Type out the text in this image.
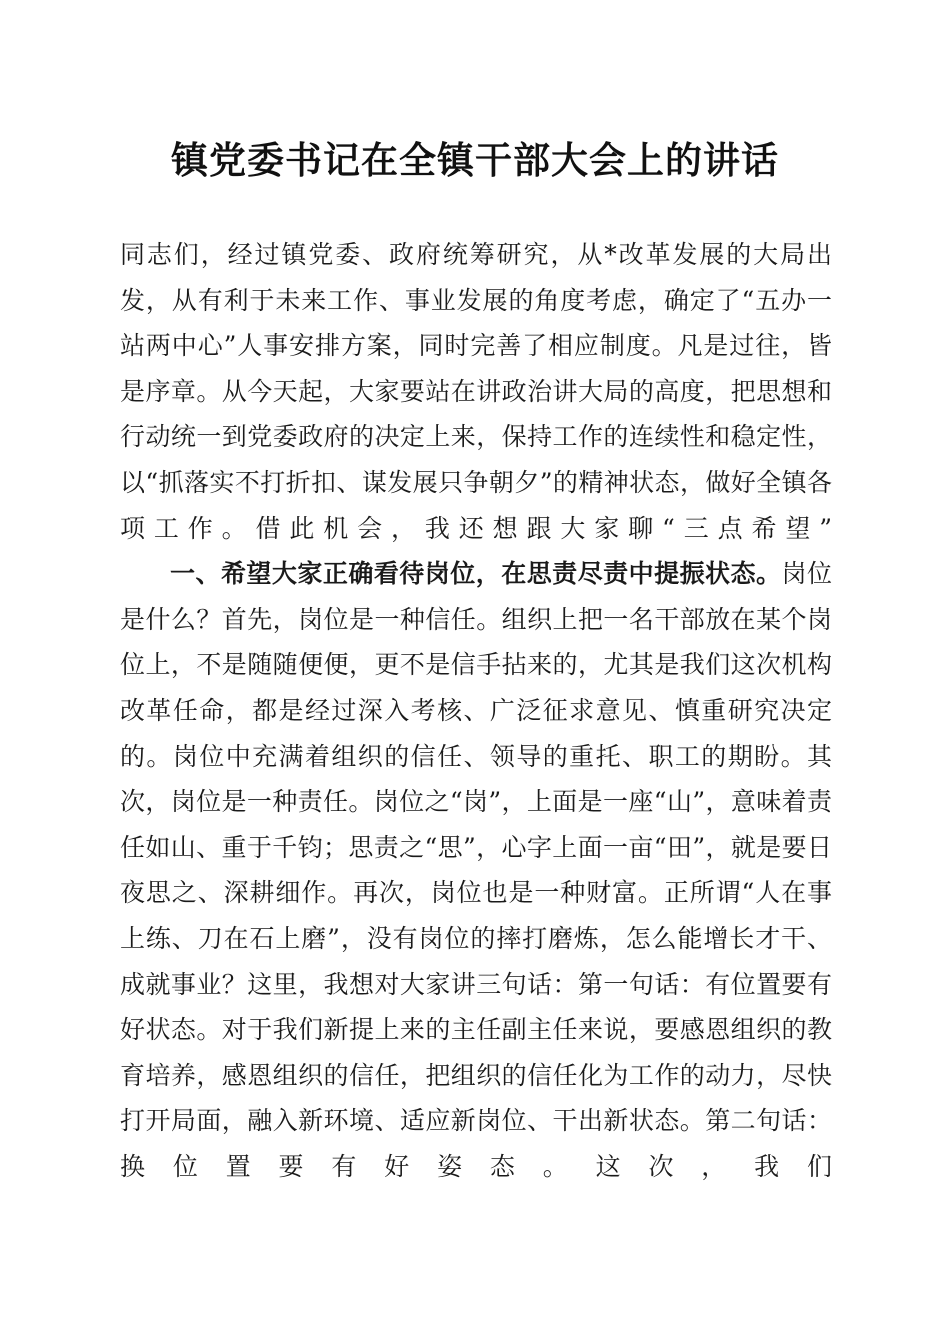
镇党委书记在全镇干部大会上的讲话

同志们，经过镇党委、政府统筹研究，从*改革发展的大局出发，从有利于未来工作、事业发展的角度考虑，确定了“五办一站两中心”人事安排方案，同时完善了相应制度。凡是过往，皆是序章。从今天起，大家要站在讲政治讲大局的高度，把思想和行动统一到党委政府的决定上来，保持工作的连续性和稳定性，以“抓落实不打折扣、谋发展只争朝夕”的精神状态，做好全镇各项工作。借此机会，我还想跟大家聊“三点希望”

一、希望大家正确看待岗位，在思责尽责中提振状态。岗位是什么？首先，岗位是一种信任。组织上把一名干部放在某个岗位上，不是随随便便，更不是信手拈来的，尤其是我们这次机构改革任命，都是经过深入考核、广泛征求意见、慎重研究决定的。岗位中充满着组织的信任、领导的重托、职工的期盼。其次，岗位是一种责任。岗位之“岗”，上面是一座“山”，意味着责任如山、重于千钧；思责之“思”，心字上面一亩“田”，就是要日夜思之、深耕细作。再次，岗位也是一种财富。正所谓“人在事上练、刀在石上磨”，没有岗位的摔打磨炼，怎么能增长才干、成就事业？这里，我想对大家讲三句话：第一句话：有位置要有好状态。对于我们新提上来的主任副主任来说，要感恩组织的教育培养，感恩组织的信任，把组织的信任化为工作的动力，尽快打开局面，融入新环境、适应新岗位、干出新状态。第二句话：换位置要有好姿态。这次，我们
